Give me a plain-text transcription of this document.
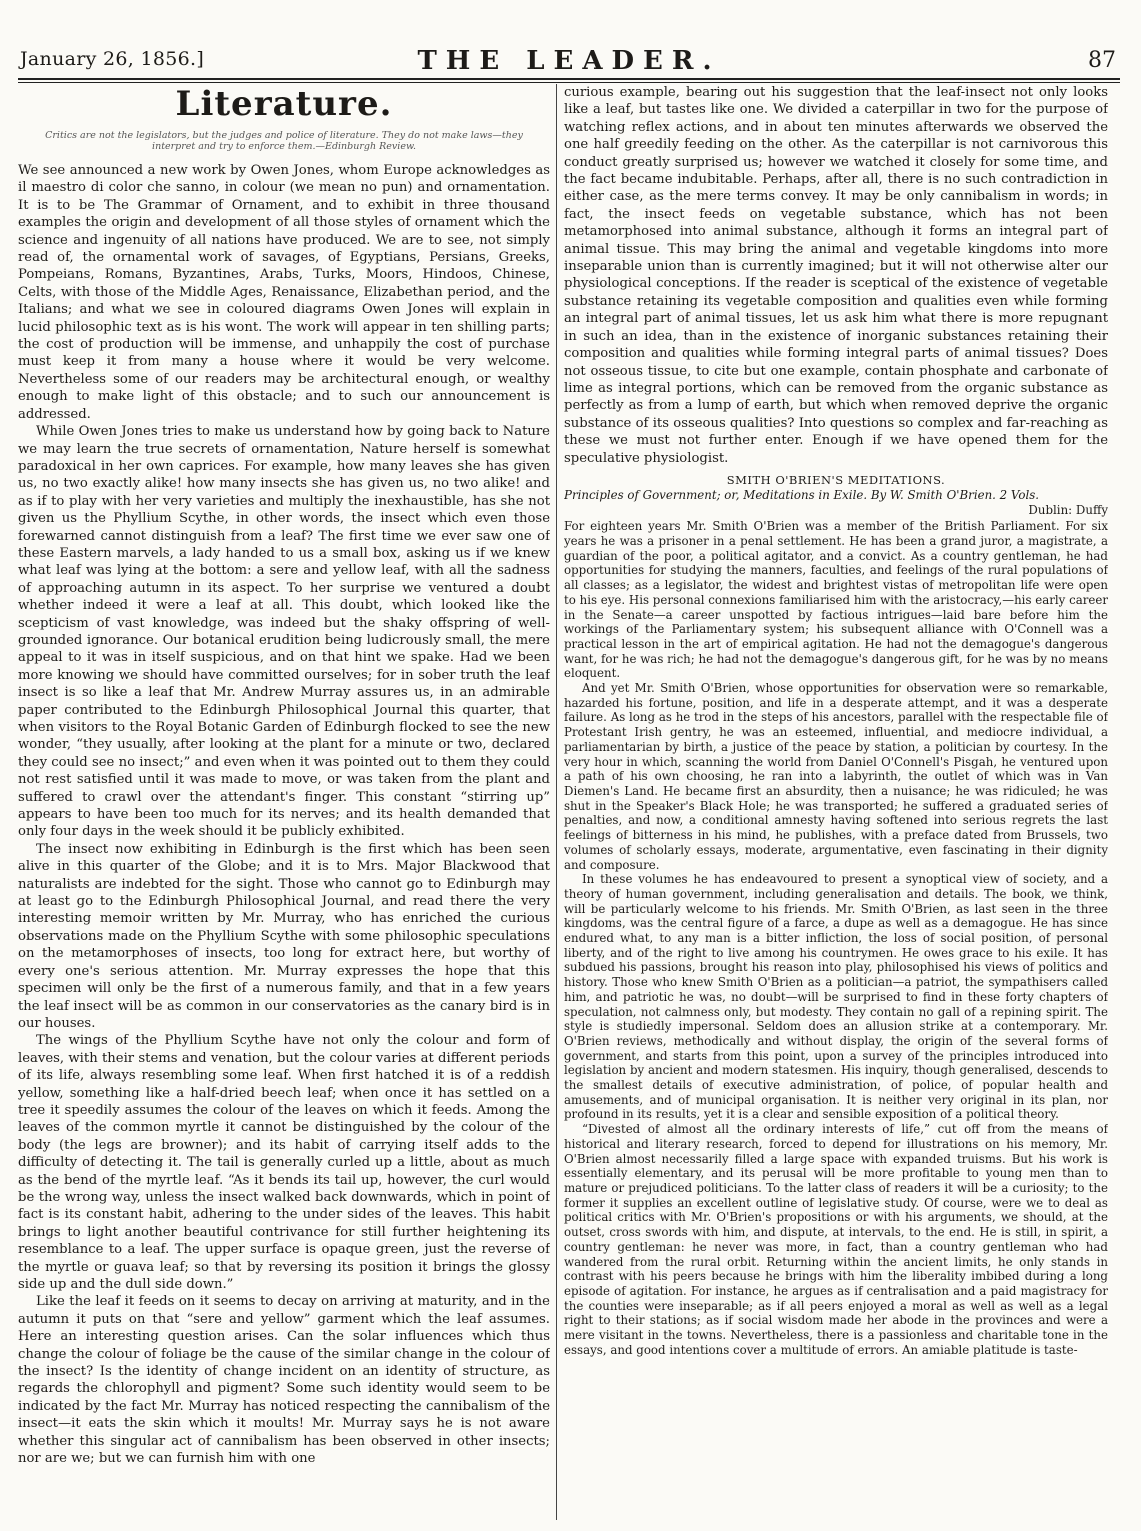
January 26, 1856.]	THE LEADER.	87
Literature.
Critics are not the legislators, but the judges and police of literature. They do not make laws—they interpret and try to enforce them.—Edinburgh Review.

We see announced a new work by Owen Jones, whom Europe acknowledges as il maestro di color che sanno, in colour (we mean no pun) and ornamentation. It is to be The Grammar of Ornament, and to exhibit in three thousand examples the origin and development of all those styles of ornament which the science and ingenuity of all nations have produced. We are to see, not simply read of, the ornamental work of savages, of Egyptians, Persians, Greeks, Pompeians, Romans, Byzantines, Arabs, Turks, Moors, Hindoos, Chinese, Celts, with those of the Middle Ages, Renaissance, Elizabethan period, and the Italians; and what we see in coloured diagrams Owen Jones will explain in lucid philosophic text as is his wont. The work will appear in ten shilling parts; the cost of production will be immense, and unhappily the cost of purchase must keep it from many a house where it would be very welcome. Nevertheless some of our readers may be architectural enough, or wealthy enough to make light of this obstacle; and to such our announcement is addressed.

While Owen Jones tries to make us understand how by going back to Nature we may learn the true secrets of ornamentation, Nature herself is somewhat paradoxical in her own caprices. For example, how many leaves she has given us, no two exactly alike! how many insects she has given us, no two alike! and as if to play with her very varieties and multiply the inexhaustible, has she not given us the Phyllium Scythe, in other words, the insect which even those forewarned cannot distinguish from a leaf? The first time we ever saw one of these Eastern marvels, a lady handed to us a small box, asking us if we knew what leaf was lying at the bottom: a sere and yellow leaf, with all the sadness of approaching autumn in its aspect. To her surprise we ventured a doubt whether indeed it were a leaf at all. This doubt, which looked like the scepticism of vast knowledge, was indeed but the shaky offspring of well-grounded ignorance. Our botanical erudition being ludicrously small, the mere appeal to it was in itself suspicious, and on that hint we spake. Had we been more knowing we should have committed ourselves; for in sober truth the leaf insect is so like a leaf that Mr. Andrew Murray assures us, in an admirable paper contributed to the Edinburgh Philosophical Journal this quarter, that when visitors to the Royal Botanic Garden of Edinburgh flocked to see the new wonder, “they usually, after looking at the plant for a minute or two, declared they could see no insect;” and even when it was pointed out to them they could not rest satisfied until it was made to move, or was taken from the plant and suffered to crawl over the attendant's finger. This constant “stirring up” appears to have been too much for its nerves; and its health demanded that only four days in the week should it be publicly exhibited.

The insect now exhibiting in Edinburgh is the first which has been seen alive in this quarter of the Globe; and it is to Mrs. Major Blackwood that naturalists are indebted for the sight. Those who cannot go to Edinburgh may at least go to the Edinburgh Philosophical Journal, and read there the very interesting memoir written by Mr. Murray, who has enriched the curious observations made on the Phyllium Scythe with some philosophic speculations on the metamorphoses of insects, too long for extract here, but worthy of every one's serious attention. Mr. Murray expresses the hope that this specimen will only be the first of a numerous family, and that in a few years the leaf insect will be as common in our conservatories as the canary bird is in our houses.

The wings of the Phyllium Scythe have not only the colour and form of leaves, with their stems and venation, but the colour varies at different periods of its life, always resembling some leaf. When first hatched it is of a reddish yellow, something like a half-dried beech leaf; when once it has settled on a tree it speedily assumes the colour of the leaves on which it feeds. Among the leaves of the common myrtle it cannot be distinguished by the colour of the body (the legs are browner); and its habit of carrying itself adds to the difficulty of detecting it. The tail is generally curled up a little, about as much as the bend of the myrtle leaf. “As it bends its tail up, however, the curl would be the wrong way, unless the insect walked back downwards, which in point of fact is its constant habit, adhering to the under sides of the leaves. This habit brings to light another beautiful contrivance for still further heightening its resemblance to a leaf. The upper surface is opaque green, just the reverse of the myrtle or guava leaf; so that by reversing its position it brings the glossy side up and the dull side down.”

Like the leaf it feeds on it seems to decay on arriving at maturity, and in the autumn it puts on that “sere and yellow” garment which the leaf assumes. Here an interesting question arises. Can the solar influences which thus change the colour of foliage be the cause of the similar change in the colour of the insect? Is the identity of change incident on an identity of structure, as regards the chlorophyll and pigment? Some such identity would seem to be indicated by the fact Mr. Murray has noticed respecting the cannibalism of the insect—it eats the skin which it moults! Mr. Murray says he is not aware whether this singular act of cannibalism has been observed in other insects; nor are we; but we can furnish him with one

curious example, bearing out his suggestion that the leaf-insect not only looks like a leaf, but tastes like one. We divided a caterpillar in two for the purpose of watching reflex actions, and in about ten minutes afterwards we observed the one half greedily feeding on the other. As the caterpillar is not carnivorous this conduct greatly surprised us; however we watched it closely for some time, and the fact became indubitable. Perhaps, after all, there is no such contradiction in either case, as the mere terms convey. It may be only cannibalism in words; in fact, the insect feeds on vegetable substance, which has not been metamorphosed into animal substance, although it forms an integral part of animal tissue. This may bring the animal and vegetable kingdoms into more inseparable union than is currently imagined; but it will not otherwise alter our physiological conceptions. If the reader is sceptical of the existence of vegetable substance retaining its vegetable composition and qualities even while forming an integral part of animal tissues, let us ask him what there is more repugnant in such an idea, than in the existence of inorganic substances retaining their composition and qualities while forming integral parts of animal tissues? Does not osseous tissue, to cite but one example, contain phosphate and carbonate of lime as integral portions, which can be removed from the organic substance as perfectly as from a lump of earth, but which when removed deprive the organic substance of its osseous qualities? Into questions so complex and far-reaching as these we must not further enter. Enough if we have opened them for the speculative physiologist.

SMITH O'BRIEN'S MEDITATIONS.

Principles of Government; or, Meditations in Exile. By W. Smith O'Brien. 2 Vols.
Dublin: Duffy

For eighteen years Mr. Smith O'Brien was a member of the British Parliament. For six years he was a prisoner in a penal settlement. He has been a grand juror, a magistrate, a guardian of the poor, a political agitator, and a convict. As a country gentleman, he had opportunities for studying the manners, faculties, and feelings of the rural populations of all classes; as a legislator, the widest and brightest vistas of metropolitan life were open to his eye. His personal connexions familiarised him with the aristocracy,—his early career in the Senate—a career unspotted by factious intrigues—laid bare before him the workings of the Parliamentary system; his subsequent alliance with O'Connell was a practical lesson in the art of empirical agitation. He had not the demagogue's dangerous want, for he was rich; he had not the demagogue's dangerous gift, for he was by no means eloquent.

And yet Mr. Smith O'Brien, whose opportunities for observation were so remarkable, hazarded his fortune, position, and life in a desperate attempt, and it was a desperate failure. As long as he trod in the steps of his ancestors, parallel with the respectable file of Protestant Irish gentry, he was an esteemed, influential, and mediocre individual, a parliamentarian by birth, a justice of the peace by station, a politician by courtesy. In the very hour in which, scanning the world from Daniel O'Connell's Pisgah, he ventured upon a path of his own choosing, he ran into a labyrinth, the outlet of which was in Van Diemen's Land. He became first an absurdity, then a nuisance; he was ridiculed; he was shut in the Speaker's Black Hole; he was transported; he suffered a graduated series of penalties, and now, a conditional amnesty having softened into serious regrets the last feelings of bitterness in his mind, he publishes, with a preface dated from Brussels, two volumes of scholarly essays, moderate, argumentative, even fascinating in their dignity and composure.

In these volumes he has endeavoured to present a synoptical view of society, and a theory of human government, including generalisation and details. The book, we think, will be particularly welcome to his friends. Mr. Smith O'Brien, as last seen in the three kingdoms, was the central figure of a farce, a dupe as well as a demagogue. He has since endured what, to any man is a bitter infliction, the loss of social position, of personal liberty, and of the right to live among his countrymen. He owes grace to his exile. It has subdued his passions, brought his reason into play, philosophised his views of politics and history. Those who knew Smith O'Brien as a politician—a patriot, the sympathisers called him, and patriotic he was, no doubt—will be surprised to find in these forty chapters of speculation, not calmness only, but modesty. They contain no gall of a repining spirit. The style is studiedly impersonal. Seldom does an allusion strike at a contemporary. Mr. O'Brien reviews, methodically and without display, the origin of the several forms of government, and starts from this point, upon a survey of the principles introduced into legislation by ancient and modern statesmen. His inquiry, though generalised, descends to the smallest details of executive administration, of police, of popular health and amusements, and of municipal organisation. It is neither very original in its plan, nor profound in its results, yet it is a clear and sensible exposition of a political theory.

“Divested of almost all the ordinary interests of life,” cut off from the means of historical and literary research, forced to depend for illustrations on his memory, Mr. O'Brien almost necessarily filled a large space with expanded truisms. But his work is essentially elementary, and its perusal will be more profitable to young men than to mature or prejudiced politicians. To the latter class of readers it will be a curiosity; to the former it supplies an excellent outline of legislative study. Of course, were we to deal as political critics with Mr. O'Brien's propositions or with his arguments, we should, at the outset, cross swords with him, and dispute, at intervals, to the end. He is still, in spirit, a country gentleman: he never was more, in fact, than a country gentleman who had wandered from the rural orbit. Returning within the ancient limits, he only stands in contrast with his peers because he brings with him the liberality imbibed during a long episode of agitation. For instance, he argues as if centralisation and a paid magistracy for the counties were inseparable; as if all peers enjoyed a moral as well as well as a legal right to their stations; as if social wisdom made her abode in the provinces and were a mere visitant in the towns. Nevertheless, there is a passionless and charitable tone in the essays, and good intentions cover a multitude of errors. An amiable platitude is taste-
